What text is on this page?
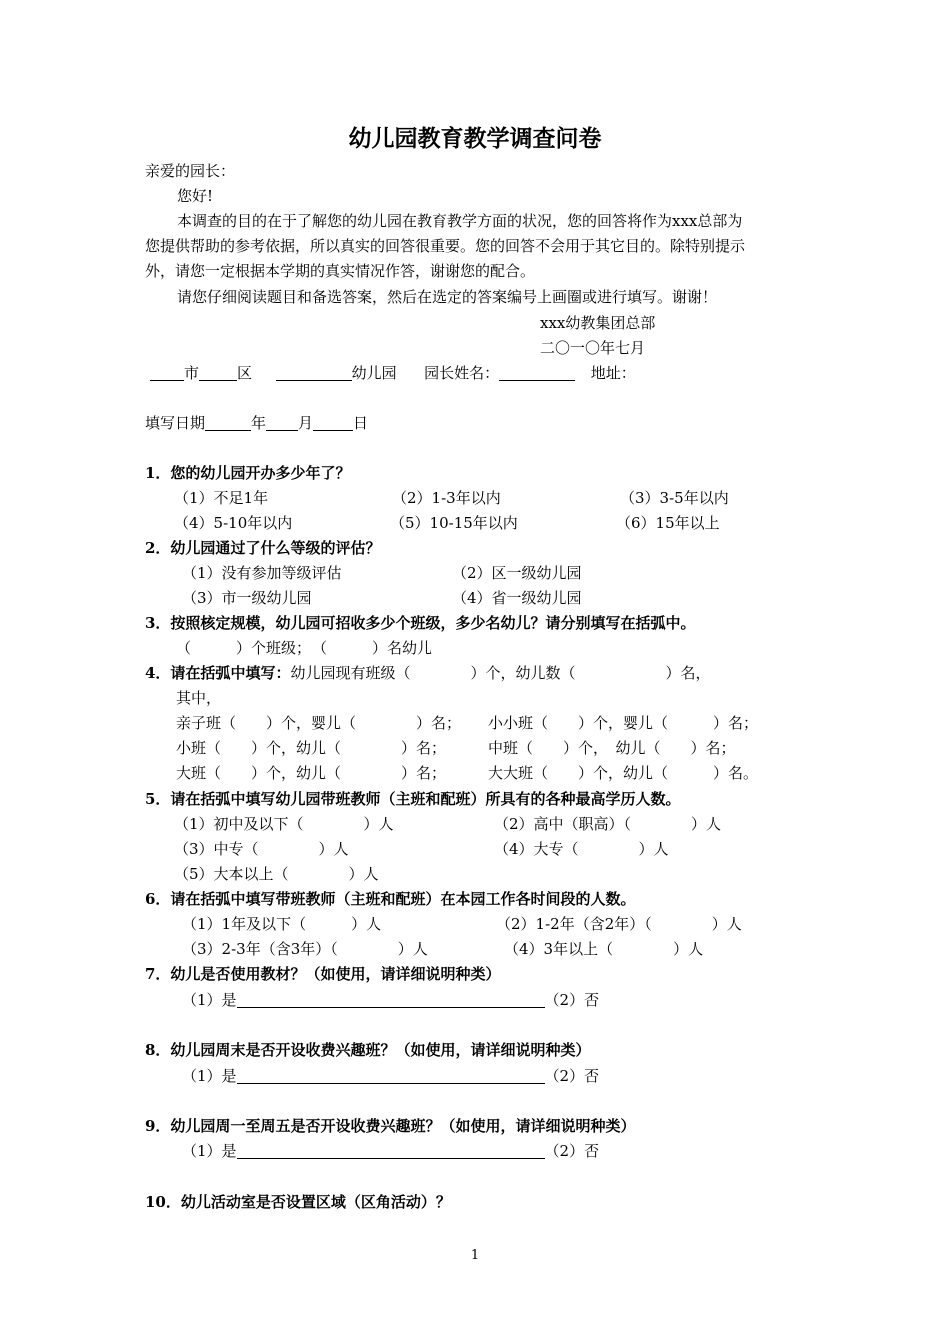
幼儿园教育教学调查问卷
亲爱的园长：
您好!
本调查的目的在于了解您的幼儿园在教育教学方面的状况，您的回答将作为xxx总部为
您提供帮助的参考依据，所以真实的回答很重要。您的回答不会用于其它目的。除特别提示
外，请您一定根据本学期的真实情况作答，谢谢您的配合。
请您仔细阅读题目和备选答案，然后在选定的答案编号上画圈或进行填写。谢谢！
xxx幼教集团总部
二〇一〇年七月
市	区	幼儿园 园长姓名：	地址：
填写日期	年 月	日
1．您的幼儿园开办多少年了？
（1）不足1年	（2）1-3年以内	（3）3-5年以内
（4）5-10年以内	（5）10-15年以内	（6）15年以上
2．幼儿园通过了什么等级的评估？
（1）没有参加等级评估	（2）区一级幼儿园
（3）市一级幼儿园	（4）省一级幼儿园
3．按照核定规模，幼儿园可招收多少个班级，多少名幼儿？请分别填写在括弧中。
（　　　）个班级； （　　　）名幼儿
4．请在括弧中填写：幼儿园现有班级（　　　　）个，幼儿数（　　　　　　）名，
其中，
亲子班（　　）个，婴儿（　　　　）名； 小小班（　　）个，婴儿（　　　）名；
小班（　　）个，幼儿（　　　　）名；	中班（　　）个，　幼儿（　　）名；
大班（　　）个，幼儿（　　　　）名；	大大班（　　）个，幼儿（　　　）名。
5．请在括弧中填写幼儿园带班教师（主班和配班）所具有的各种最高学历人数。
（1）初中及以下（　　　　）人	（2）高中（职高）（　　　　）人
（3）中专（　　　　）人	（4）大专（　　　　）人
（5）大本以上（　　　　）人
6．请在括弧中填写带班教师（主班和配班）在本园工作各时间段的人数。
（1）1年及以下（　　　）人	（2）1-2年（含2年）（　　　　）人
（3）2-3年（含3年）（　　　　）人	（4）3年以上（　　　　）人
7．幼儿是否使用教材？（如使用，请详细说明种类）
（1）是	（2）否
8．幼儿园周末是否开设收费兴趣班？（如使用，请详细说明种类）
（1）是	（2）否
9．幼儿园周一至周五是否开设收费兴趣班？（如使用，请详细说明种类）
（1）是	（2）否
10．幼儿活动室是否设置区域（区角活动）？
1
